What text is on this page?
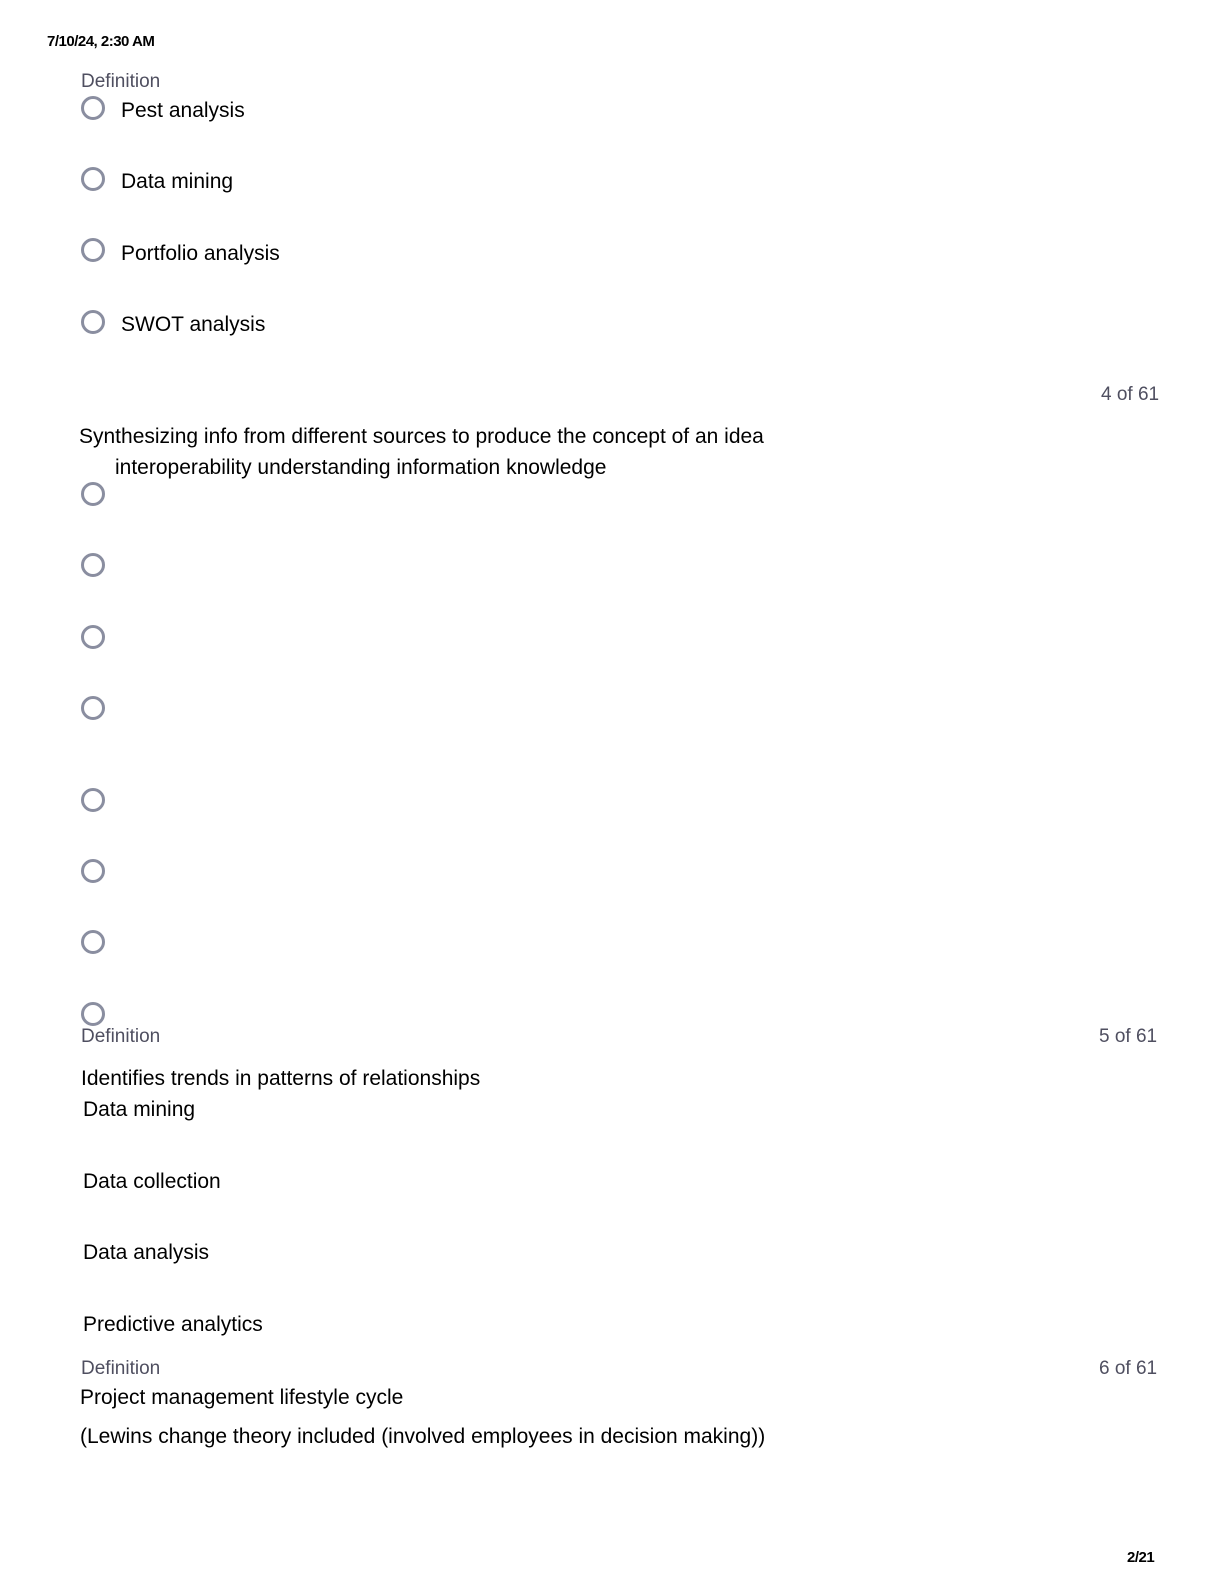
7/10/24, 2:30 AM
Definition
Pest analysis
Data mining
Portfolio analysis
SWOT analysis
4 of 61
Synthesizing info from different sources to produce the concept of an idea
interoperability understanding information knowledge
Definition	5 of 61
Identifies trends in patterns of relationships
Data mining
Data collection
Data analysis
Predictive analytics
Definition	6 of 61
Project management lifestyle cycle
(Lewins change theory included (involved employees in decision making))
2/21
